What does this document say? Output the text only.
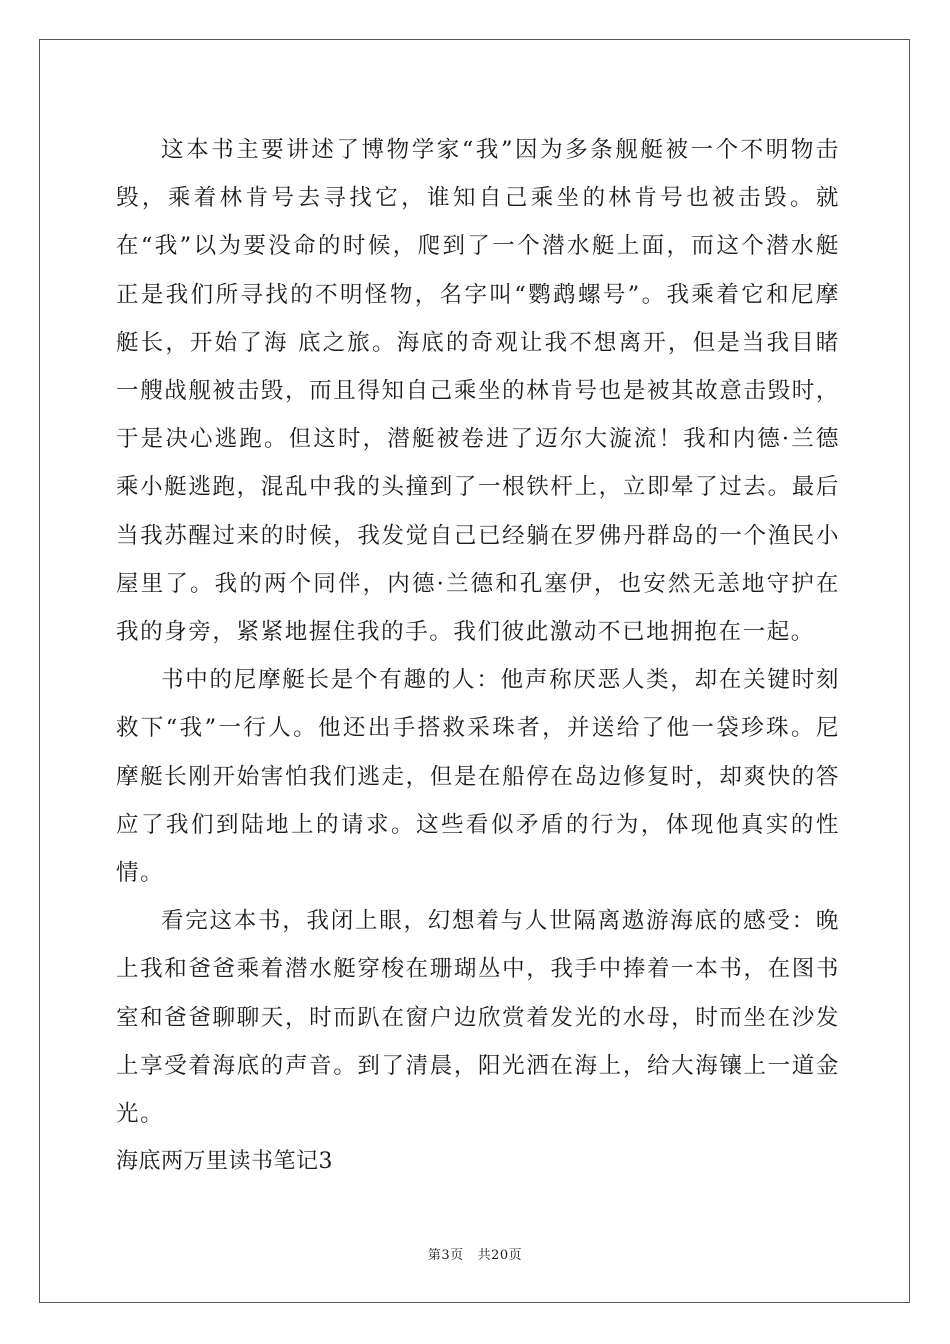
这本书主要讲述了博物学家“我”因为多条舰艇被一个不明物击毁，乘着林肯号去寻找它，谁知自己乘坐的林肯号也被击毁。就在“我”以为要没命的时候，爬到了一个潜水艇上面，而这个潜水艇正是我们所寻找的不明怪物，名字叫“鹦鹉螺号”。我乘着它和尼摩艇长，开始了海 底之旅。海底的奇观让我不想离开，但是当我目睹一艘战舰被击毁，而且得知自己乘坐的林肯号也是被其故意击毁时，于是决心逃跑。但这时，潜艇被卷进了迈尔大漩流！我和内德·兰德乘小艇逃跑，混乱中我的头撞到了一根铁杆上，立即晕了过去。最后当我苏醒过来的时候，我发觉自己已经躺在罗佛丹群岛的一个渔民小屋里了。我的两个同伴，内德·兰德和孔塞伊，也安然无恙地守护在我的身旁，紧紧地握住我的手。我们彼此激动不已地拥抱在一起。

书中的尼摩艇长是个有趣的人：他声称厌恶人类，却在关键时刻救下“我”一行人。他还出手搭救采珠者，并送给了他一袋珍珠。尼摩艇长刚开始害怕我们逃走，但是在船停在岛边修复时，却爽快的答应了我们到陆地上的请求。这些看似矛盾的行为，体现他真实的性情。

看完这本书，我闭上眼，幻想着与人世隔离遨游海底的感受：晚上我和爸爸乘着潜水艇穿梭在珊瑚丛中，我手中捧着一本书，在图书室和爸爸聊聊天，时而趴在窗户边欣赏着发光的水母，时而坐在沙发上享受着海底的声音。到了清晨，阳光洒在海上，给大海镶上一道金光。

海底两万里读书笔记3

第3页 共20页
